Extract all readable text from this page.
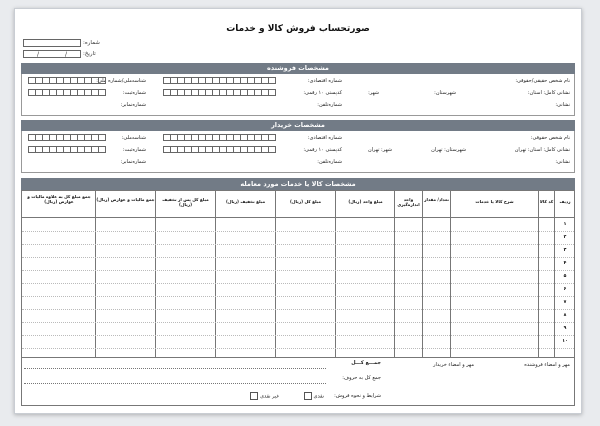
صورتحساب فروش کالا و خدمات
شماره:
تاریخ:
/
/
مشخصات فروشنده
نام شخص حقیقی/حقوقی:
شماره اقتصادی:
شناسه‌ملی/شماره ملی:
نشانی کامل: استان:
شهرستان:
شهر:
کدپستی ۱۰ رقمی:
شماره‌ثبت:
نشانی:
شماره‌تلفن:
شماره‌نمابر:
مشخصات خریدار
نام شخص حقوقی:
شماره اقتصادی:
شناسه‌ملی:
نشانی کامل: استان: تهران
شهرستان: تهران
شهر: تهران
کدپستی ۱۰ رقمی:
شماره‌ثبت:
نشانی:
شماره‌تلفن:
شماره‌نمابر:
مشخصات کالا یا خدمات مورد معامله
ردیف
کد کالا
شرح کالا یا خدمات
تعداد/ مقدار
واحد اندازه‌گیری
مبلغ واحد (ریال)
مبلغ کل (ریال)
مبلغ تخفیف (ریال)
مبلغ کل پس از تخفیف (ریال)
جمع مالیات و عوارض (ریال)
جمع مبلغ کل به علاوه مالیات و عوارض (ریال)
۱
۲
۳
۴
۵
۶
۷
۸
۹
۱۰
جمـــع کـــل	مهر و امضاء فروشنده
مهر و امضاء خریدار
جمع کل به حروف:
شرایط و نحوه فروش:
نقدی
غیر نقدی
